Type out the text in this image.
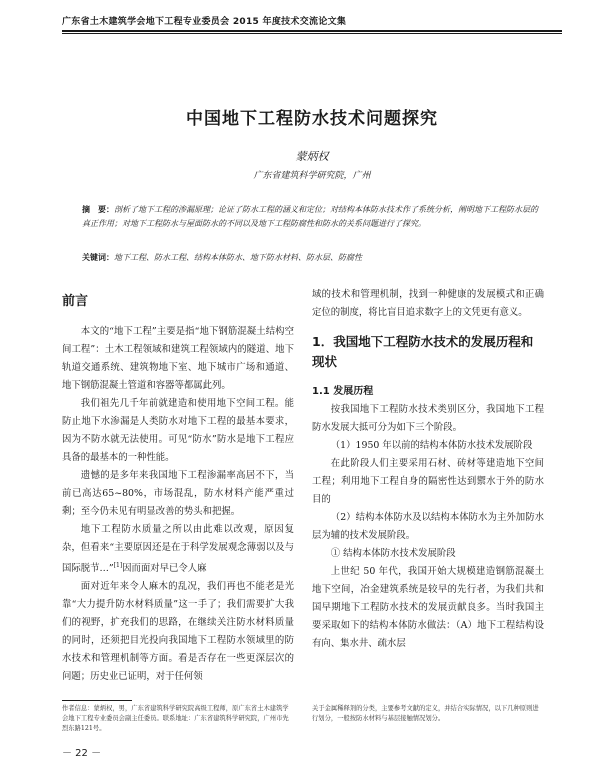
广东省土木建筑学会地下工程专业委员会 2015 年度技术交流论文集
中国地下工程防水技术问题探究
蒙炳权
广东省建筑科学研究院，广州
摘　要：剖析了地下工程的渗漏原理；论证了防水工程的涵义和定位；对结构本体防水技术作了系统分析，阐明地下工程防水层的真正作用；对地下工程防水与屋面防水的不同以及地下工程防腐性和防水的关系问题进行了探究。
关键词：地下工程、防水工程、结构本体防水、地下防水材料、防水层、防腐性
前言

本文的“地下工程”主要是指“地下钢筋混凝土结构空间工程”：土木工程领域和建筑工程领域内的隧道、地下轨道交通系统、建筑物地下室、地下城市广场和通道、地下钢筋混凝土管道和容器等都属此列。

我们祖先几千年前就建造和使用地下空间工程。能防止地下水渗漏是人类防水对地下工程的最基本要求，因为不防水就无法使用。可见“防水”防水是地下工程应具备的最基本的一种性能。

遗憾的是多年来我国地下工程渗漏率高居不下，当前已高达65~80%，市场混乱，防水材料产能严重过剩；至今仍未见有明显改善的势头和把握。

地下工程防水质量之所以由此难以改观，原因复杂，但看来“主要原因还是在于科学发展观念薄弱以及与国际脱节…”[1]因而面对早已令人麻

面对近年来令人麻木的乱况，我们再也不能老是光靠“大力提升防水材料质量”这一手了；我们需要扩大我们的视野，扩充我们的思路，在继续关注防水材料质量的同时，还须把目光投向我国地下工程防水领域里的防水技术和管理机制等方面。看是否存在一些更深层次的问题；历史业已证明，对于任何领

域的技术和管理机制，找到一种健康的发展模式和正确定位的制度，将比盲目追求数字上的文凭更有意义。

1．我国地下工程防水技术的发展历程和现状
1.1 发展历程

按我国地下工程防水技术类别区分，我国地下工程防水发展大抵可分为如下三个阶段。

（1）1950 年以前的结构本体防水技术发展阶段

在此阶段人们主要采用石材、砖材等建造地下空间工程；利用地下工程自身的隔密性达到禦水于外的防水目的

（2）结构本体防水及以结构本体防水为主外加防水层为辅的技术发展阶段。

① 结构本体防水技术发展阶段

上世纪 50 年代，我国开始大规模建造钢筋混凝土地下空间，冶金建筑系统是较早的先行者，为我们共和国早期地下工程防水技术的发展贡献良多。当时我国主要采取如下的结构本体防水做法：（A）地下工程结构设有向、集水井、疏水层

作者信息：蒙炳权，男，广东省建筑科学研究院高级工程师，原广东省土木建筑学会地下工程专业委员会副主任委员。联系地址：广东省建筑科学研究院，广州市先烈东路121号。
关于金属稀释剂的分类，主要参考文献的定义，并结合实际情况，以下几种原则进行划分，一般按防水材料与基层接触情况划分。
－ 22 －
